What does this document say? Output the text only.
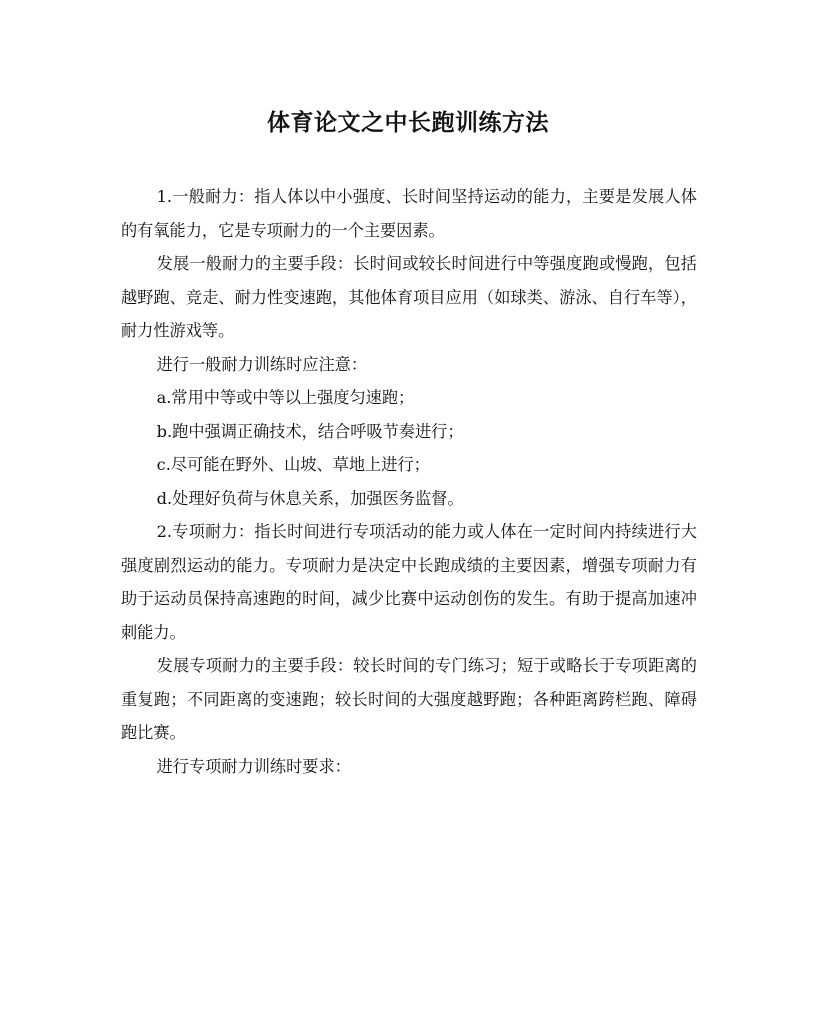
体育论文之中长跑训练方法

1.一般耐力：指人体以中小强度、长时间坚持运动的能力，主要是发展人体的有氧能力，它是专项耐力的一个主要因素。

发展一般耐力的主要手段：长时间或较长时间进行中等强度跑或慢跑，包括越野跑、竞走、耐力性变速跑，其他体育项目应用（如球类、游泳、自行车等），耐力性游戏等。

进行一般耐力训练时应注意：

a.常用中等或中等以上强度匀速跑；

b.跑中强调正确技术，结合呼吸节奏进行；

c.尽可能在野外、山坡、草地上进行；

d.处理好负荷与休息关系，加强医务监督。

2.专项耐力：指长时间进行专项活动的能力或人体在一定时间内持续进行大强度剧烈运动的能力。专项耐力是决定中长跑成绩的主要因素，增强专项耐力有助于运动员保持高速跑的时间，减少比赛中运动创伤的发生。有助于提高加速冲刺能力。

发展专项耐力的主要手段：较长时间的专门练习；短于或略长于专项距离的重复跑；不同距离的变速跑；较长时间的大强度越野跑；各种距离跨栏跑、障碍跑比赛。

进行专项耐力训练时要求：
